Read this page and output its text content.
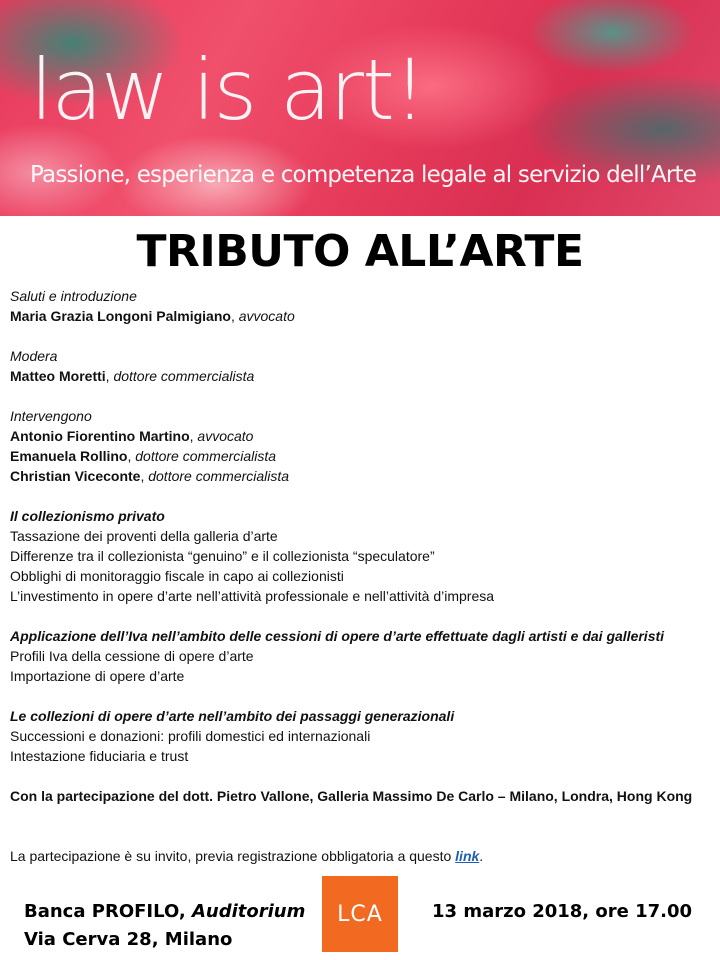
law is art!

Passione, esperienza e competenza legale al servizio dell’Arte

TRIBUTO ALL’ARTE

Saluti e introduzione

Maria Grazia Longoni Palmigiano, avvocato

Modera

Matteo Moretti, dottore commercialista

Intervengono

Antonio Fiorentino Martino, avvocato

Emanuela Rollino, dottore commercialista

Christian Viceconte, dottore commercialista

Il collezionismo privato

Tassazione dei proventi della galleria d’arte

Differenze tra il collezionista “genuino” e il collezionista “speculatore”

Obblighi di monitoraggio fiscale in capo ai collezionisti

L’investimento in opere d’arte nell’attività professionale e nell’attività d’impresa

Applicazione dell’Iva nell’ambito delle cessioni di opere d’arte effettuate dagli artisti e dai galleristi

Profili Iva della cessione di opere d’arte

Importazione di opere d’arte

Le collezioni di opere d’arte nell’ambito dei passaggi generazionali

Successioni e donazioni: profili domestici ed internazionali

Intestazione fiduciaria e trust

Con la partecipazione del dott. Pietro Vallone, Galleria Massimo De Carlo – Milano, Londra, Hong Kong

La partecipazione è su invito, previa registrazione obbligatoria a questo link.

Banca PROFILO, Auditorium

Via Cerva 28, Milano

LCA	13 marzo 2018, ore 17.00
